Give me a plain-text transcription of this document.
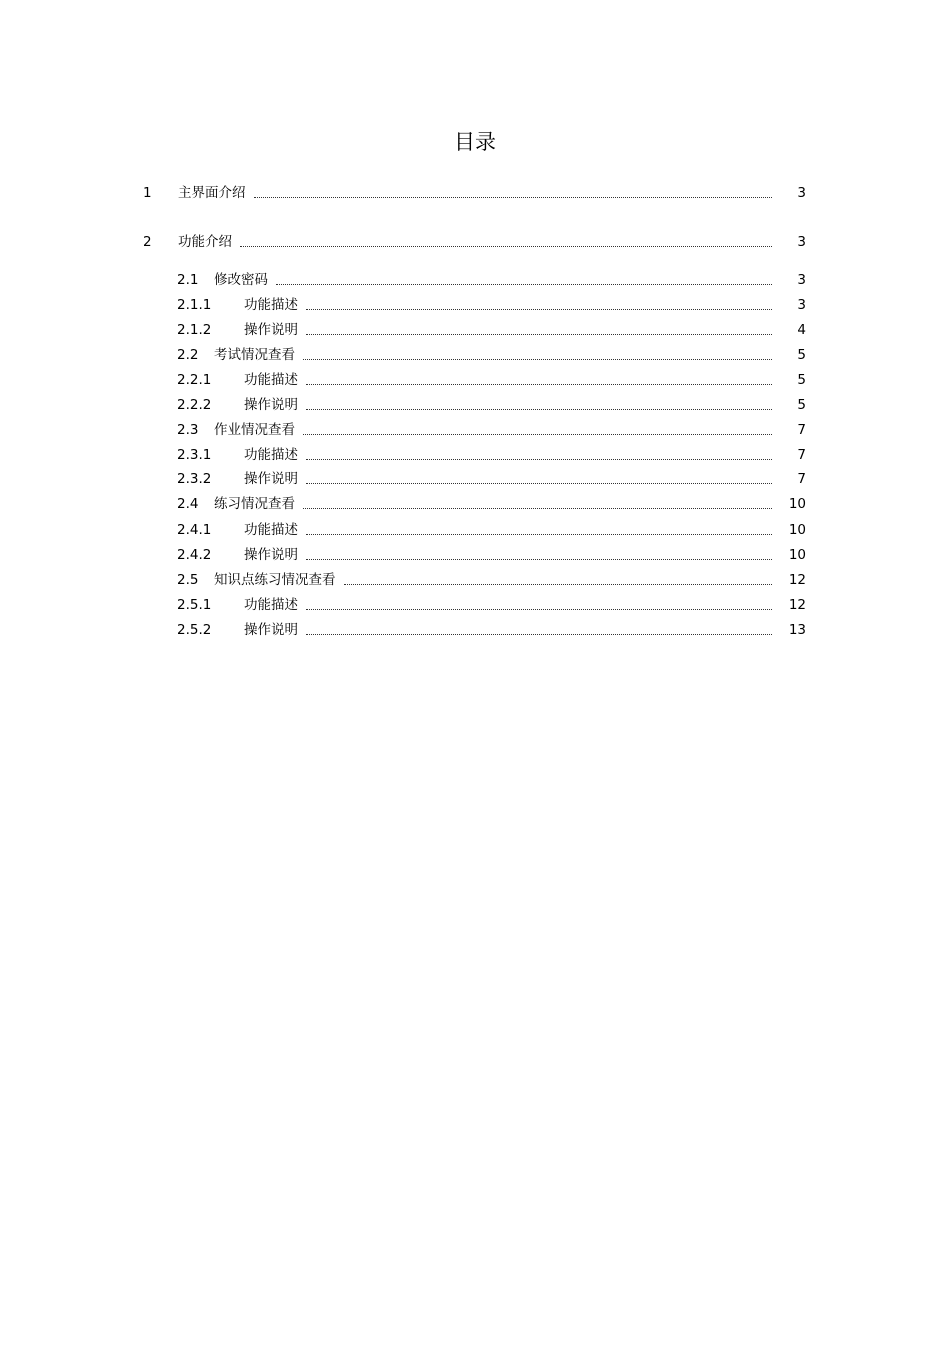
目录
1	主界面介绍	3
2	功能介绍	3
2.1	修改密码	3
2.1.1	功能描述	3
2.1.2	操作说明	4
2.2	考试情况查看	5
2.2.1	功能描述	5
2.2.2	操作说明	5
2.3	作业情况查看	7
2.3.1	功能描述	7
2.3.2	操作说明	7
2.4	练习情况查看	10
2.4.1	功能描述	10
2.4.2	操作说明	10
2.5	知识点练习情况查看	12
2.5.1	功能描述	12
2.5.2	操作说明	13
